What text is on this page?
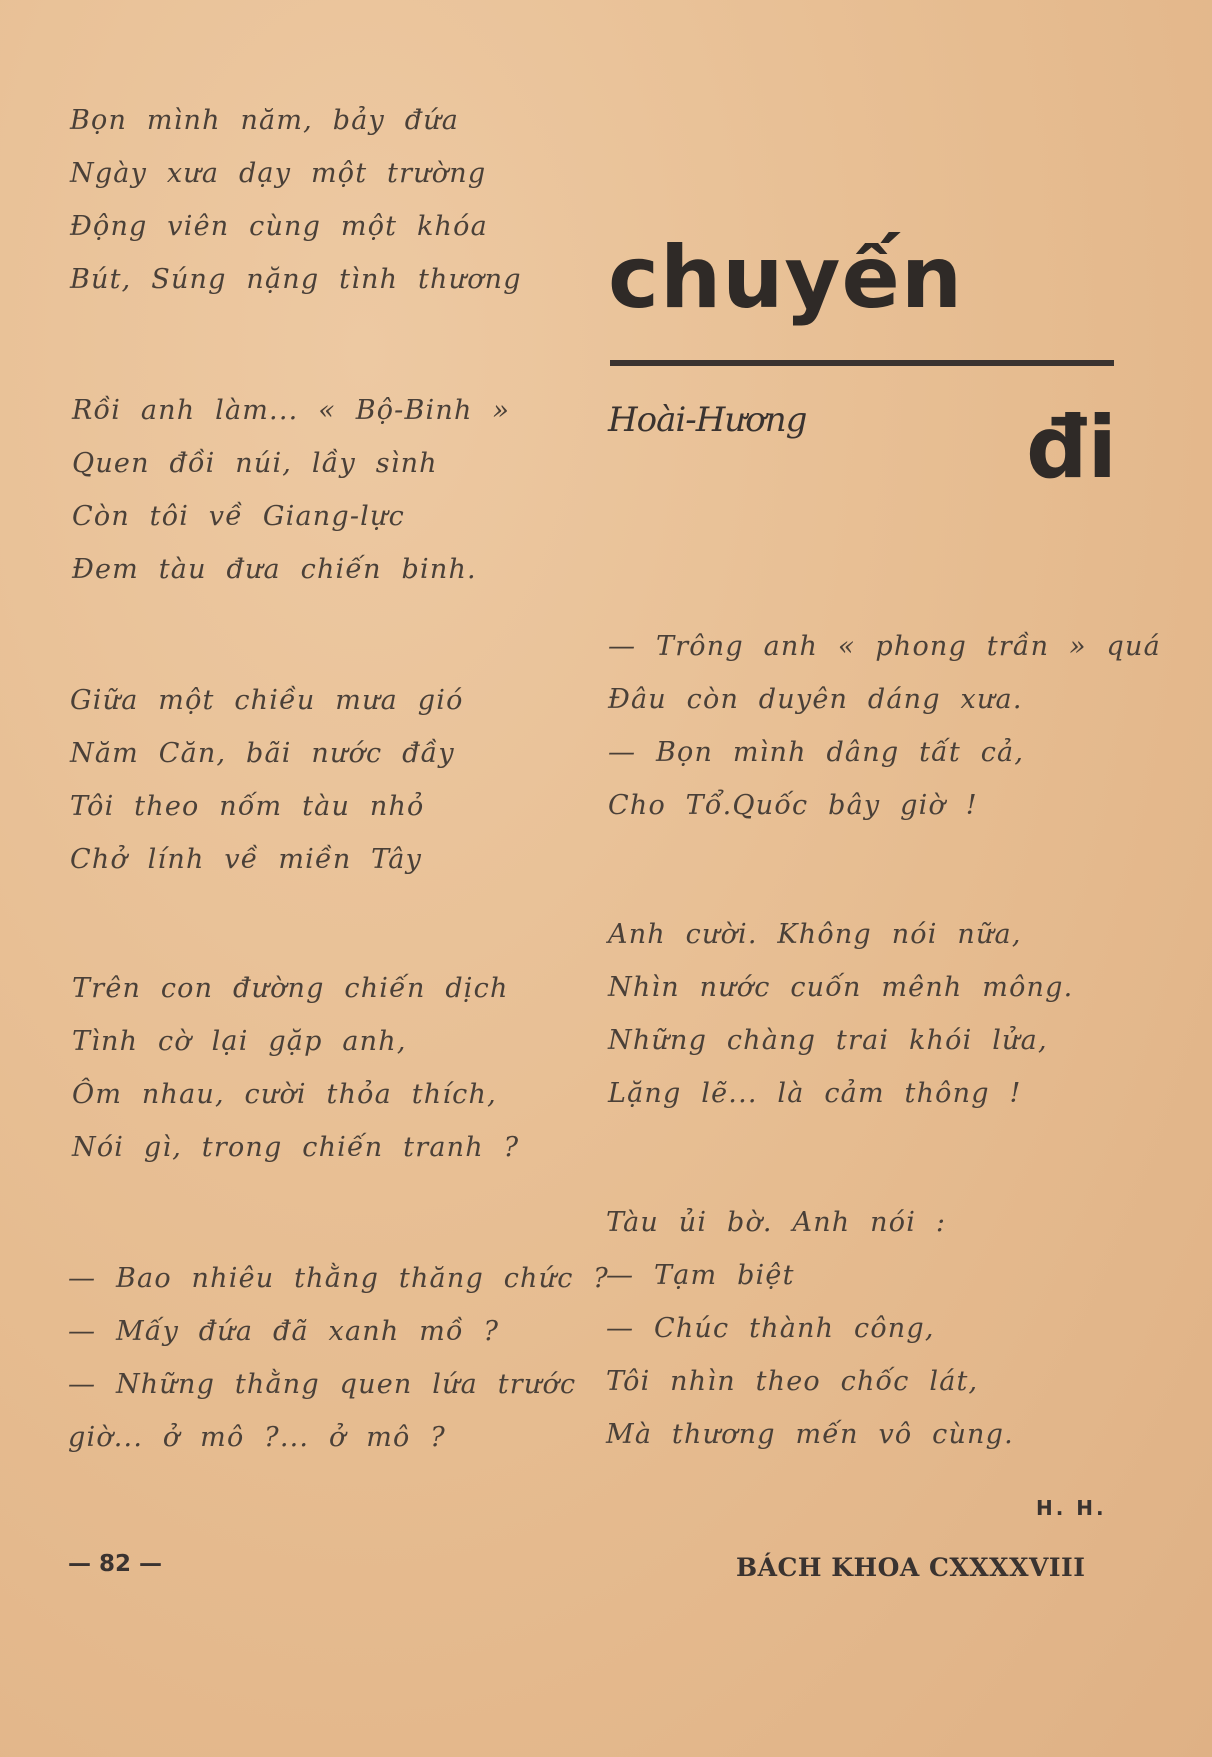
chuyến
Hoài-Hương	đi
Bọn mình năm, bảy đứa
Ngày xưa dạy một trường
Động viên cùng một khóa
Bút, Súng nặng tình thương
Rồi anh làm... « Bộ-Binh »
Quen đồi núi, lầy sình
Còn tôi về Giang-lực
Đem tàu đưa chiến binh.
Giữa một chiều mưa gió
Năm Căn, bãi nước đầy
Tôi theo nốm tàu nhỏ
Chở lính về miền Tây
Trên con đường chiến dịch
Tình cờ lại gặp anh,
Ôm nhau, cười thỏa thích,
Nói gì, trong chiến tranh ?
— Bao nhiêu thằng thăng chức ?
— Mấy đứa đã xanh mồ ?
— Những thằng quen lứa trước
giờ... ở mô ?... ở mô ?
— Trông anh « phong trần » quá
Đâu còn duyên dáng xưa.
— Bọn mình dâng tất cả,
Cho Tổ.Quốc bây giờ !
Anh cười. Không nói nữa,
Nhìn nước cuốn mênh mông.
Những chàng trai khói lửa,
Lặng lẽ... là cảm thông !
Tàu ủi bờ. Anh nói :
— Tạm biệt
— Chúc thành công,
Tôi nhìn theo chốc lát,
Mà thương mến vô cùng.
H. H.
— 82 —	BÁCH KHOA CXXXXVIII
